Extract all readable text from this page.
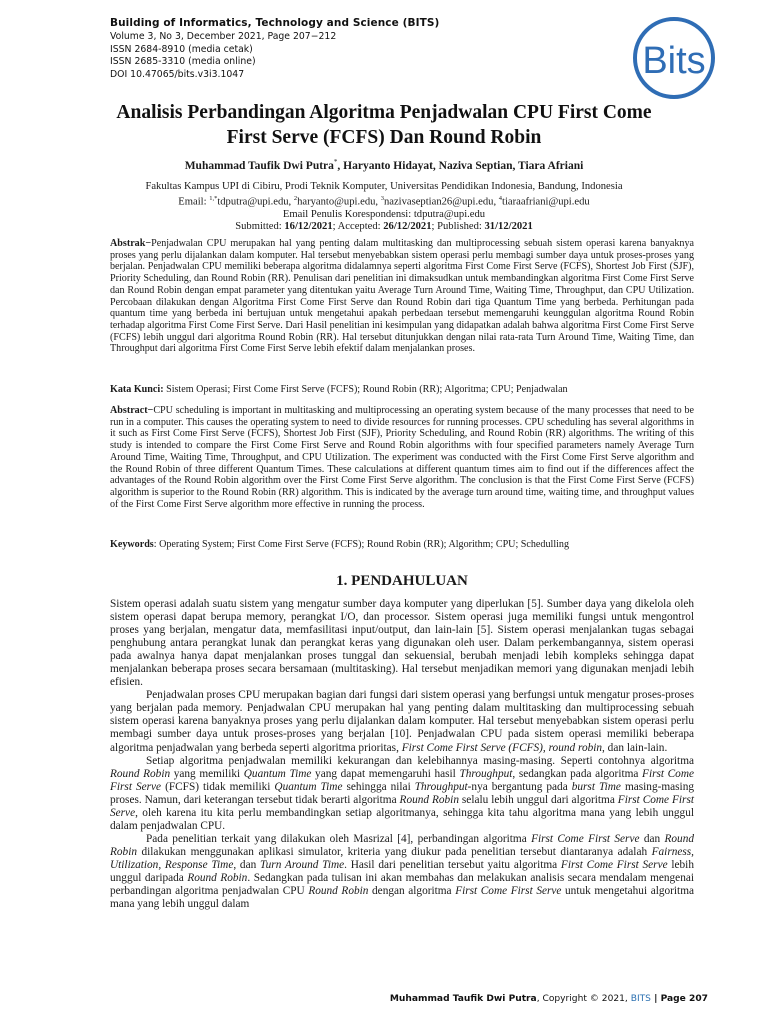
Building of Informatics, Technology and Science (BITS)
Volume 3, No 3, December 2021, Page 207−212
ISSN 2684-8910 (media cetak)
ISSN 2685-3310 (media online)
DOI 10.47065/bits.v3i3.1047	Bits
Analisis Perbandingan Algoritma Penjadwalan CPU First Come First Serve (FCFS) Dan Round Robin
Muhammad Taufik Dwi Putra*, Haryanto Hidayat, Naziva Septian, Tiara Afriani
Fakultas Kampus UPI di Cibiru, Prodi Teknik Komputer, Universitas Pendidikan Indonesia, Bandung, Indonesia
Email: $^{1,*}$tdputra@upi.edu, $^2$haryanto@upi.edu, $^3$nazivaseptian26@upi.edu, $^4$tiaraafriani@upi.edu
Email Penulis Korespondensi: tdputra@upi.edu
Submitted: 16/12/2021; Accepted: 26/12/2021; Published: 31/12/2021
Abstrak−Penjadwalan CPU merupakan hal yang penting dalam multitasking dan multiprocessing sebuah sistem operasi karena banyaknya proses yang perlu dijalankan dalam komputer. Hal tersebut menyebabkan sistem operasi perlu membagi sumber daya untuk proses-proses yang berjalan. Penjadwalan CPU memiliki beberapa algoritma didalamnya seperti algoritma First Come First Serve (FCFS), Shortest Job First (SJF), Priority Scheduling, dan Round Robin (RR). Penulisan dari penelitian ini dimaksudkan untuk membandingkan algoritma First Come First Serve dan Round Robin dengan empat parameter yang ditentukan yaitu Average Turn Around Time, Waiting Time, Throughput, dan CPU Utilization. Percobaan dilakukan dengan Algoritma First Come First Serve dan Round Robin dari tiga Quantum Time yang berbeda. Perhitungan pada quantum time yang berbeda ini bertujuan untuk mengetahui apakah perbedaan tersebut memengaruhi keunggulan algoritma Round Robin terhadap algoritma First Come First Serve. Dari Hasil penelitian ini kesimpulan yang didapatkan adalah bahwa algoritma First Come First Serve (FCFS) lebih unggul dari algoritma Round Robin (RR). Hal tersebut ditunjukkan dengan nilai rata-rata Turn Around Time, Waiting Time, dan Throughput dari algoritma First Come First Serve lebih efektif dalam menjalankan proses.
Kata Kunci: Sistem Operasi; First Come First Serve (FCFS); Round Robin (RR); Algoritma; CPU; Penjadwalan
Abstract−CPU scheduling is important in multitasking and multiprocessing an operating system because of the many processes that need to be run in a computer. This causes the operating system to need to divide resources for running processes. CPU scheduling has several algorithms in it such as First Come First Serve (FCFS), Shortest Job First (SJF), Priority Scheduling, and Round Robin (RR) algorithms. The writing of this study is intended to compare the First Come First Serve and Round Robin algorithms with four specified parameters namely Average Turn Around Time, Waiting Time, Throughput, and CPU Utilization. The experiment was conducted with the First Come First Serve algorithm and the Round Robin of three different Quantum Times. These calculations at different quantum times aim to find out if the differences affect the advantages of the Round Robin algorithm over the First Come First Serve algorithm. The conclusion is that the First Come First Serve (FCFS) algorithm is superior to the Round Robin (RR) algorithm. This is indicated by the average turn around time, waiting time, and throughput values of the First Come First Serve algorithm more effective in running the process.
Keywords: Operating System; First Come First Serve (FCFS); Round Robin (RR); Algorithm; CPU; Schedulling
1. PENDAHULUAN

Sistem operasi adalah suatu sistem yang mengatur sumber daya komputer yang diperlukan [5]. Sumber daya yang dikelola oleh sistem operasi dapat berupa memory, perangkat I/O, dan processor. Sistem operasi juga memiliki fungsi untuk mengontrol proses yang berjalan, mengatur data, memfasilitasi input/output, dan lain-lain [5]. Sistem operasi menjalankan tugas sebagai penghubung antara perangkat lunak dan perangkat keras yang digunakan oleh user. Dalam perkembangannya, sistem operasi pada awalnya hanya dapat menjalankan proses tunggal dan sekuensial, berubah menjadi lebih kompleks sehingga dapat menjalankan beberapa proses secara bersamaan (multitasking). Hal tersebut menjadikan memori yang digunakan menjadi lebih efisien.

Penjadwalan proses CPU merupakan bagian dari fungsi dari sistem operasi yang berfungsi untuk mengatur proses-proses yang berjalan pada memory. Penjadwalan CPU merupakan hal yang penting dalam multitasking dan multiprocessing sebuah sistem operasi karena banyaknya proses yang perlu dijalankan dalam komputer. Hal tersebut menyebabkan sistem operasi perlu membagi sumber daya untuk proses-proses yang berjalan [10]. Penjadwalan CPU pada sistem operasi memiliki beberapa algoritma penjadwalan yang berbeda seperti algoritma prioritas, First Come First Serve (FCFS), round robin, dan lain-lain.

Setiap algoritma penjadwalan memiliki kekurangan dan kelebihannya masing-masing. Seperti contohnya algoritma Round Robin yang memiliki Quantum Time yang dapat memengaruhi hasil Throughput, sedangkan pada algoritma First Come First Serve (FCFS) tidak memiliki Quantum Time sehingga nilai Throughput-nya bergantung pada burst Time masing-masing proses. Namun, dari keterangan tersebut tidak berarti algoritma Round Robin selalu lebih unggul dari algoritma First Come First Serve, oleh karena itu kita perlu membandingkan setiap algoritmanya, sehingga kita tahu algoritma mana yang lebih unggul dalam penjadwalan CPU.

Pada penelitian terkait yang dilakukan oleh Masrizal [4], perbandingan algoritma First Come First Serve dan Round Robin dilakukan menggunakan aplikasi simulator, kriteria yang diukur pada penelitian tersebut diantaranya adalah Fairness, Utilization, Response Time, dan Turn Around Time. Hasil dari penelitian tersebut yaitu algoritma First Come First Serve lebih unggul daripada Round Robin. Sedangkan pada tulisan ini akan membahas dan melakukan analisis secara mendalam mengenai perbandingan algoritma penjadwalan CPU Round Robin dengan algoritma First Come First Serve untuk mengetahui algoritma mana yang lebih unggul dalam

Muhammad Taufik Dwi Putra, Copyright © 2021, BITS | Page 207
